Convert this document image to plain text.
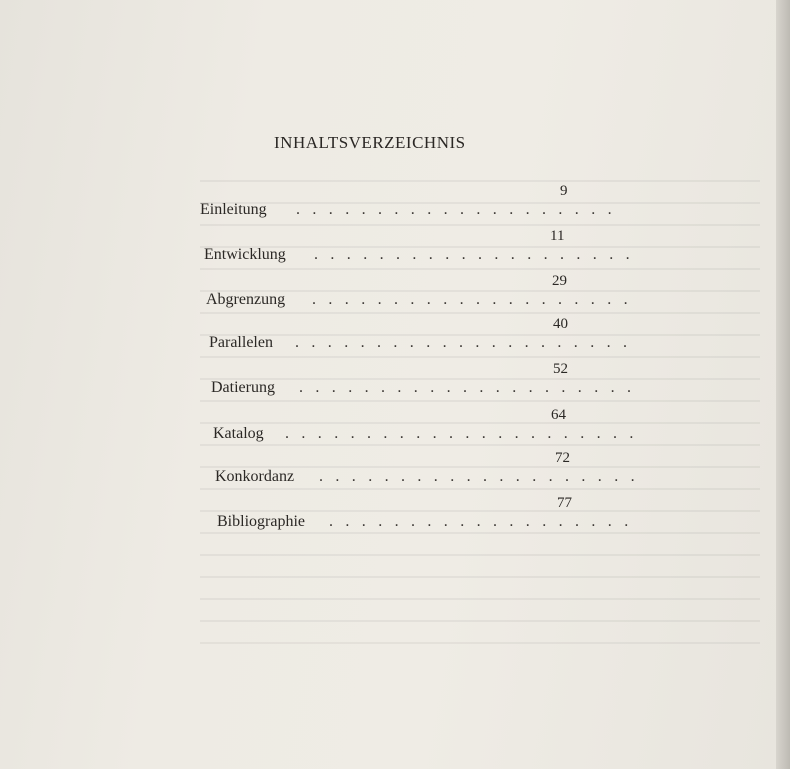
INHALTSVERZEICHNIS
Einleitung . . . . . . . . . . . . . . . . . . . .
9
Entwicklung . . . . . . . . . . . . . . . . . . . .
11
Abgrenzung . . . . . . . . . . . . . . . . . . . .
29
Parallelen . . . . . . . . . . . . . . . . . . . . .
40
Datierung . . . . . . . . . . . . . . . . . . . . .
52
Katalog . . . . . . . . . . . . . . . . . . . . . .
64
Konkordanz . . . . . . . . . . . . . . . . . . . .
72
Bibliographie . . . . . . . . . . . . . . . . . . .
77
